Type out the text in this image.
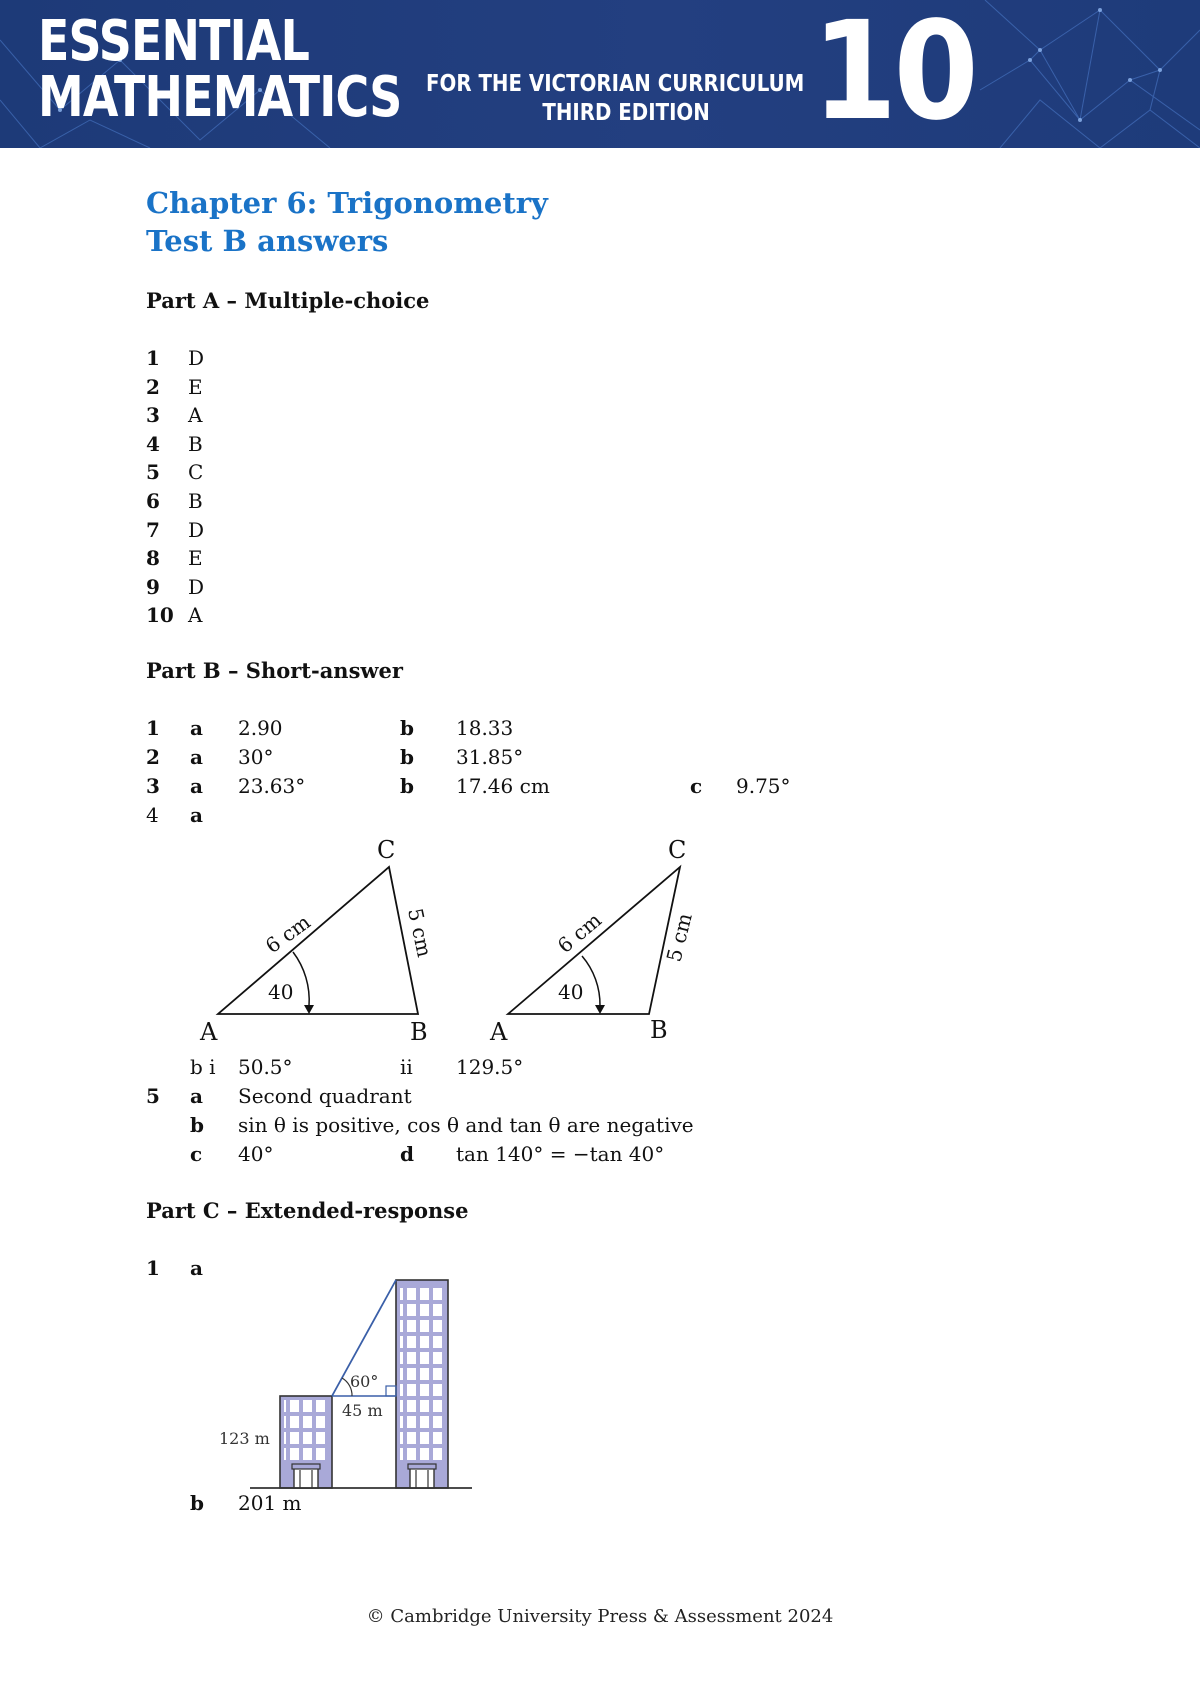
ESSENTIAL
MATHEMATICS FOR THE VICTORIAN CURRICULUM
THIRD EDITION 10
Chapter 6: Trigonometry
Test B answers
Part A – Multiple-choice
1 D
2 E
3 A
4 B
5 C
6 B
7 D
8 E
9 D
10 A
Part B – Short-answer
1 a 2.90	b 18.33
2 a 30°	b 31.85°
3 a 23.63°	b 17.46 cm	c 9.75°
4 a
A	B
C
40
6 cm	5 cm
A	B
C
40
6 cm	5 cm
b i 50.5°	ii 129.5°
5 a Second quadrant
b sin θ is positive, cos θ and tan θ are negative
c 40°	d tan 140° = −tan 40°
Part C – Extended-response
1 a
60°
45 m
123 m
b 201 m
© Cambridge University Press & Assessment 2024
